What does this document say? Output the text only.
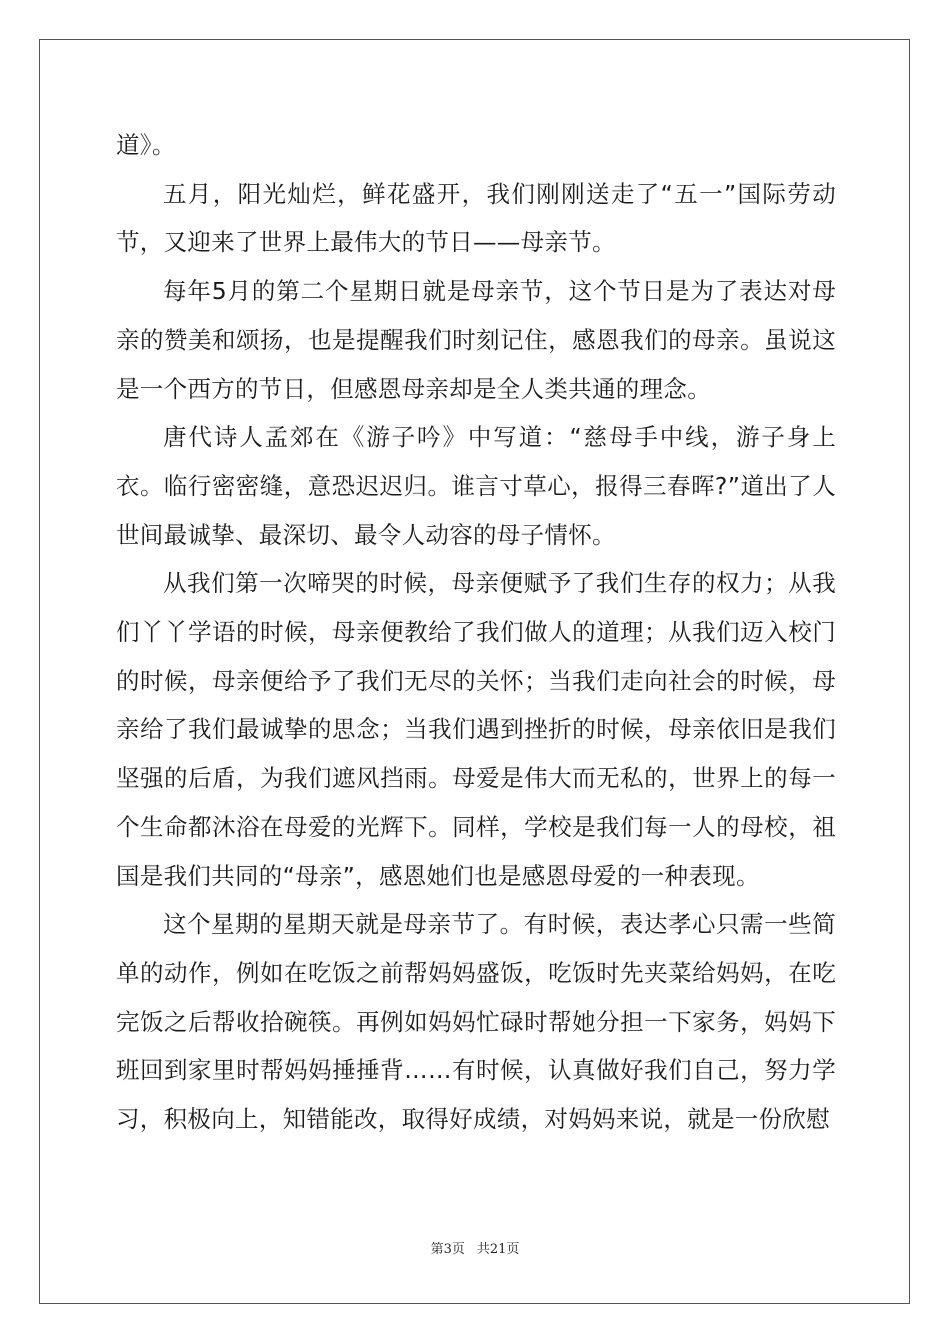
道》。

五月，阳光灿烂，鲜花盛开，我们刚刚送走了“五一”国际劳动节，又迎来了世界上最伟大的节日——母亲节。

每年5月的第二个星期日就是母亲节，这个节日是为了表达对母亲的赞美和颂扬，也是提醒我们时刻记住，感恩我们的母亲。虽说这是一个西方的节日，但感恩母亲却是全人类共通的理念。

唐代诗人孟郊在《游子吟》中写道：“慈母手中线，游子身上衣。临行密密缝，意恐迟迟归。谁言寸草心，报得三春晖?”道出了人世间最诚挚、最深切、最令人动容的母子情怀。

从我们第一次啼哭的时候，母亲便赋予了我们生存的权力；从我们丫丫学语的时候，母亲便教给了我们做人的道理；从我们迈入校门的时候，母亲便给予了我们无尽的关怀；当我们走向社会的时候，母亲给了我们最诚挚的思念；当我们遇到挫折的时候，母亲依旧是我们坚强的后盾，为我们遮风挡雨。母爱是伟大而无私的，世界上的每一个生命都沐浴在母爱的光辉下。同样，学校是我们每一人的母校，祖国是我们共同的“母亲”，感恩她们也是感恩母爱的一种表现。

这个星期的星期天就是母亲节了。有时候，表达孝心只需一些简单的动作，例如在吃饭之前帮妈妈盛饭，吃饭时先夹菜给妈妈，在吃完饭之后帮收拾碗筷。再例如妈妈忙碌时帮她分担一下家务，妈妈下班回到家里时帮妈妈捶捶背……有时候，认真做好我们自己，努力学习，积极向上，知错能改，取得好成绩，对妈妈来说，就是一份欣慰

第3页 共21页
